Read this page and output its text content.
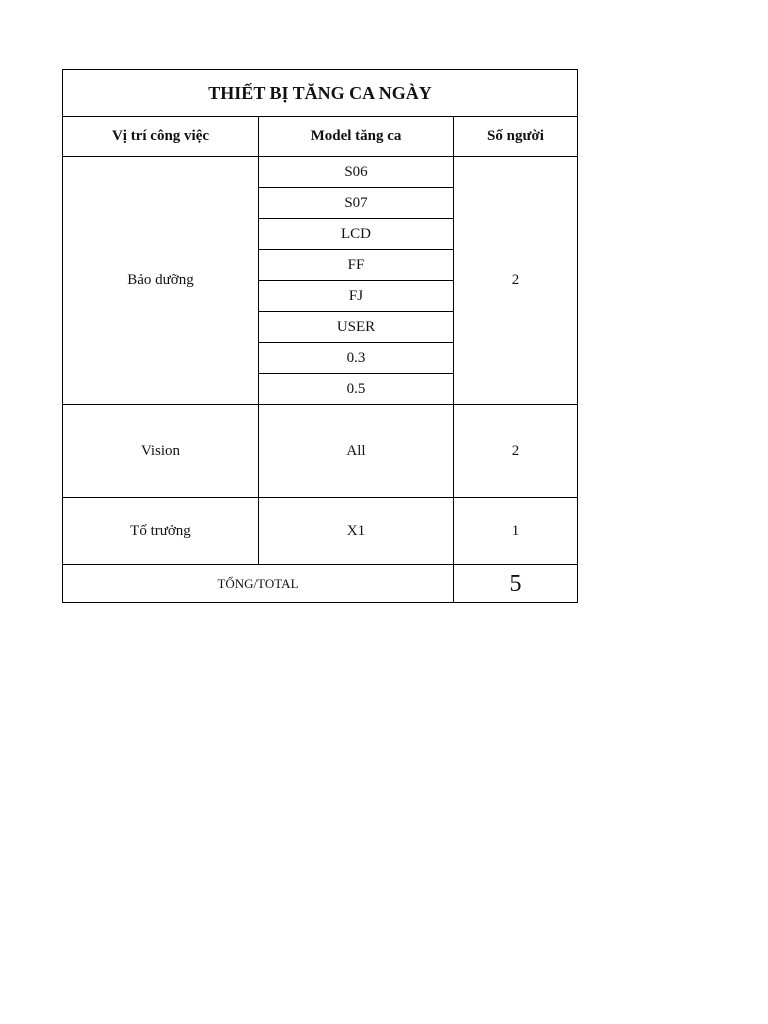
THIẾT BỊ TĂNG CA NGÀY		
Vị trí công việc	Model tăng ca	Số người
Bảo dưỡng	S06	2
	S07	
	LCD	
	FF	
	FJ	
	USER	
	0.3	
	0.5	
Vision	All	2
Tố trưởng	X1	1
TỔNG/TOTAL		5
